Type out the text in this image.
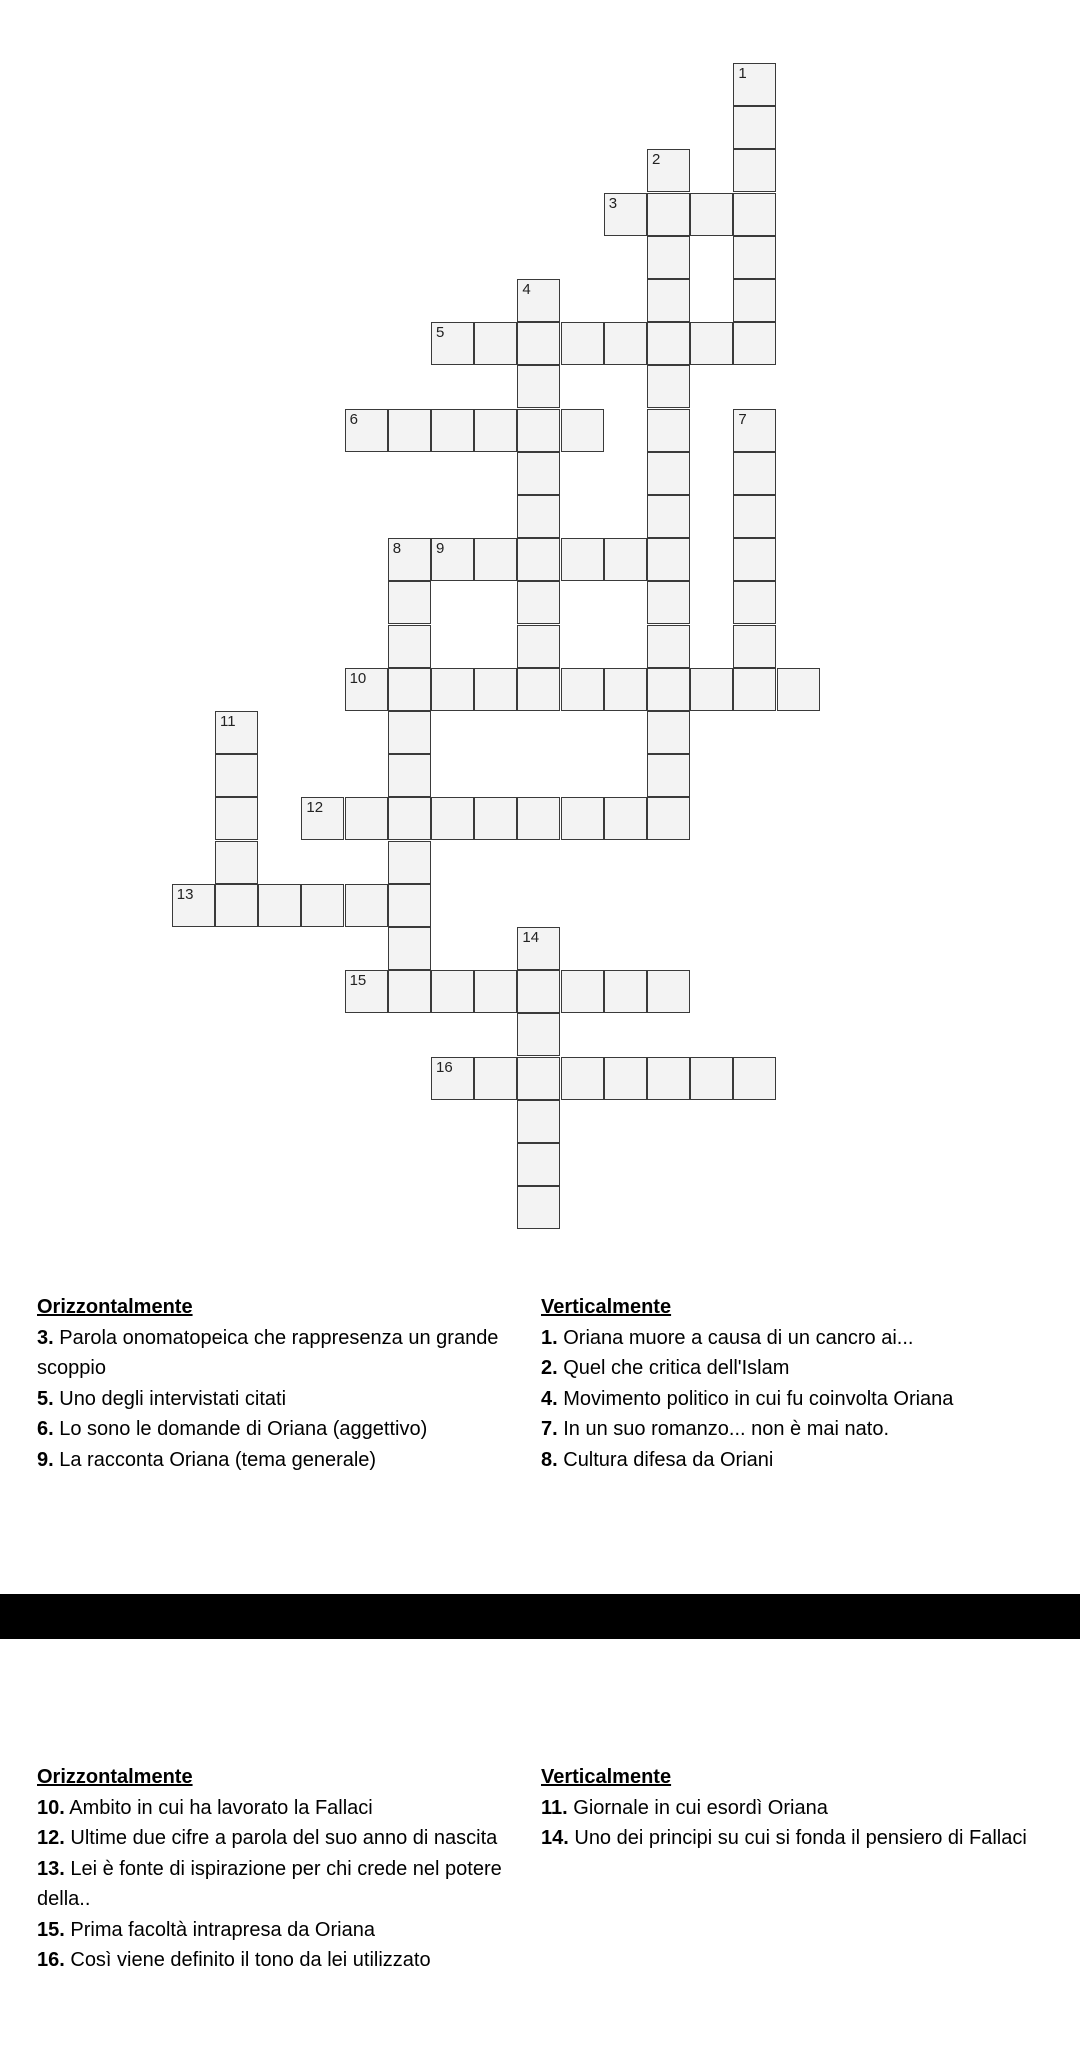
1
2
3
4
5
6	7
8 9
10
11
12
13
14
15
16
Orizzontalmente
3. Parola onomatopeica che rappresenza un grande scoppio
5. Uno degli intervistati citati
6. Lo sono le domande di Oriana (aggettivo)
9. La racconta Oriana (tema generale)
Verticalmente
1. Oriana muore a causa di un cancro ai...
2. Quel che critica dell'Islam
4. Movimento politico in cui fu coinvolta Oriana
7. In un suo romanzo... non è mai nato.
8. Cultura difesa da Oriani
Orizzontalmente
10. Ambito in cui ha lavorato la Fallaci
12. Ultime due cifre a parola del suo anno di nascita
13. Lei è fonte di ispirazione per chi crede nel potere della..
15. Prima facoltà intrapresa da Oriana
16. Così viene definito il tono da lei utilizzato
Verticalmente
11. Giornale in cui esordì Oriana
14. Uno dei principi su cui si fonda il pensiero di Fallaci
